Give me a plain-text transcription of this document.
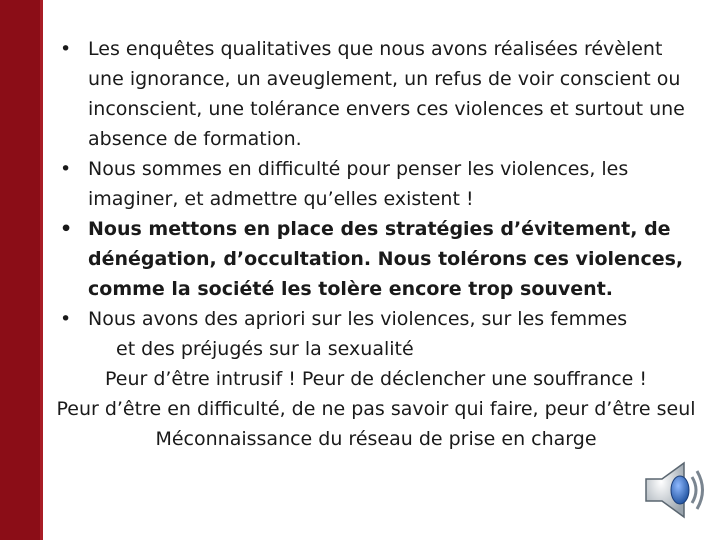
• Les enquêtes qualitatives que nous avons réalisées révèlent une ignorance, un aveuglement, un refus de voir conscient ou inconscient, une tolérance envers ces violences et surtout une absence de formation.

• Nous sommes en difficulté pour penser les violences, les imaginer, et admettre qu’elles existent !

• Nous mettons en place des stratégies d’évitement, de dénégation, d’occultation. Nous tolérons ces violences, comme la société les tolère encore trop souvent.

• Nous avons des apriori sur les violences, sur les femmes

et des préjugés sur la sexualité

Peur d’être intrusif ! Peur de déclencher une souffrance !

Peur d’être en difficulté, de ne pas savoir qui faire, peur d’être seul

Méconnaissance du réseau de prise en charge
